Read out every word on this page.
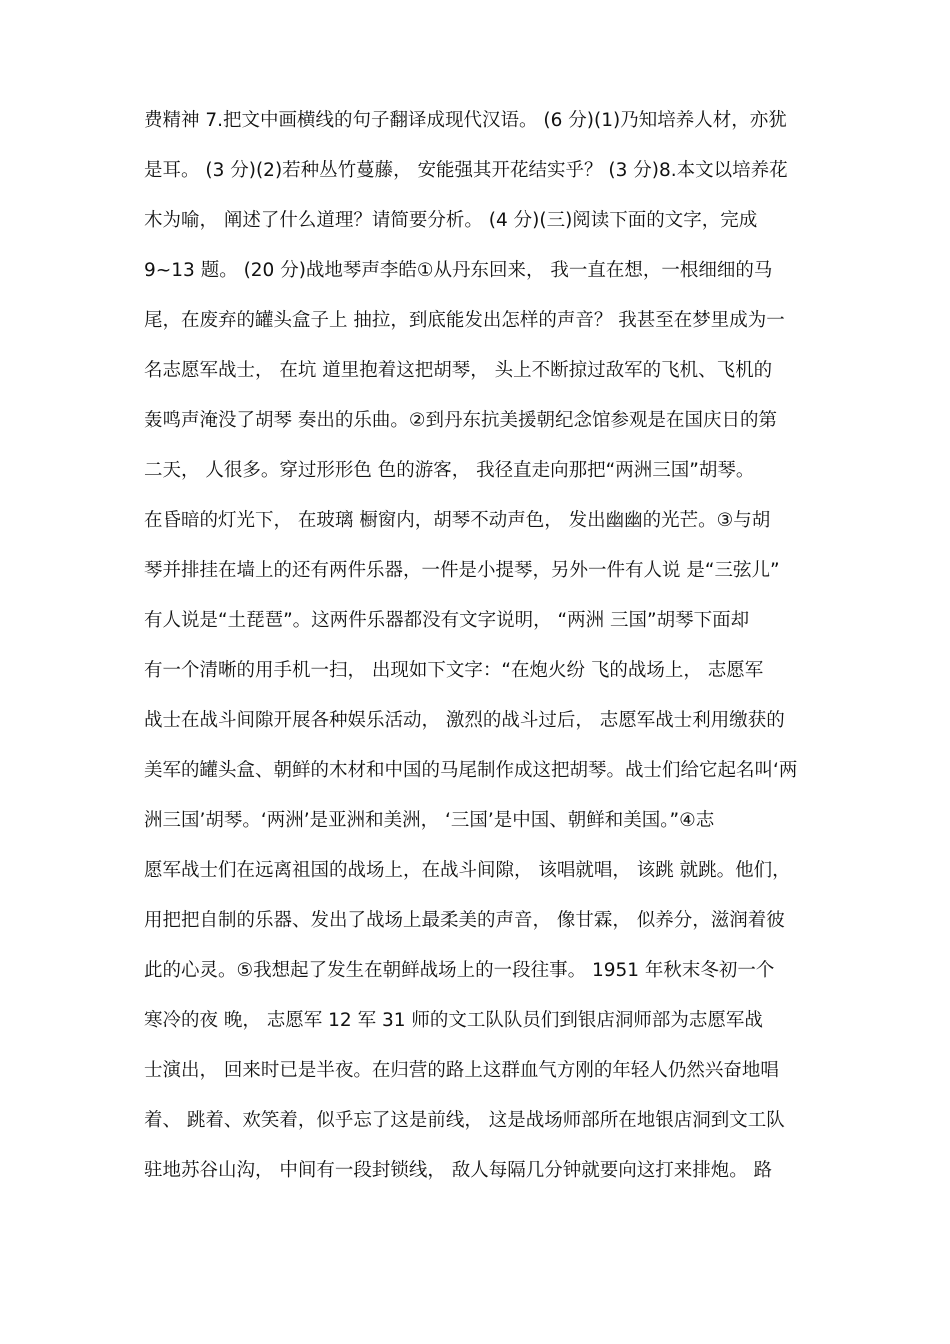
费精神 7.把文中画横线的句子翻译成现代汉语。 (6 分)(1)乃知培养人材，亦犹
是耳。 (3 分)(2)若种丛竹蔓藤， 安能强其开花结实乎？ (3 分)8.本文以培养花
木为喻， 阐述了什么道理？请简要分析。 (4 分)(三)阅读下面的文字，完成
9~13 题。 (20 分)战地琴声李皓①从丹东回来， 我一直在想，一根细细的马
尾，在废弃的罐头盒子上 抽拉，到底能发出怎样的声音？ 我甚至在梦里成为一
名志愿军战士， 在坑 道里抱着这把胡琴， 头上不断掠过敌军的飞机、飞机的
轰鸣声淹没了胡琴 奏出的乐曲。②到丹东抗美援朝纪念馆参观是在国庆日的第
二天， 人很多。穿过形形色 色的游客， 我径直走向那把“两洲三国”胡琴。
在昏暗的灯光下， 在玻璃 橱窗内，胡琴不动声色， 发出幽幽的光芒。③与胡
琴并排挂在墙上的还有两件乐器，一件是小提琴，另外一件有人说 是“三弦儿”
有人说是“土琵琶”。这两件乐器都没有文字说明， “两洲 三国”胡琴下面却
有一个清晰的用手机一扫， 出现如下文字：“在炮火纷 飞的战场上， 志愿军
战士在战斗间隙开展各种娱乐活动， 激烈的战斗过后， 志愿军战士利用缴获的
美军的罐头盒、朝鲜的木材和中国的马尾制作成这把胡琴。战士们给它起名叫‘两
洲三国’胡琴。‘两洲’是亚洲和美洲， ‘三国’是中国、朝鲜和美国。”④志
愿军战士们在远离祖国的战场上，在战斗间隙， 该唱就唱， 该跳 就跳。他们，
用把把自制的乐器、发出了战场上最柔美的声音， 像甘霖， 似养分，滋润着彼
此的心灵。⑤我想起了发生在朝鲜战场上的一段往事。 1951 年秋末冬初一个
寒冷的夜 晚， 志愿军 12 军 31 师的文工队队员们到银店洞师部为志愿军战
士演出， 回来时已是半夜。在归营的路上这群血气方刚的年轻人仍然兴奋地唱
着、 跳着、欢笑着，似乎忘了这是前线， 这是战场师部所在地银店洞到文工队
驻地苏谷山沟， 中间有一段封锁线， 敌人每隔几分钟就要向这打来排炮。 路
